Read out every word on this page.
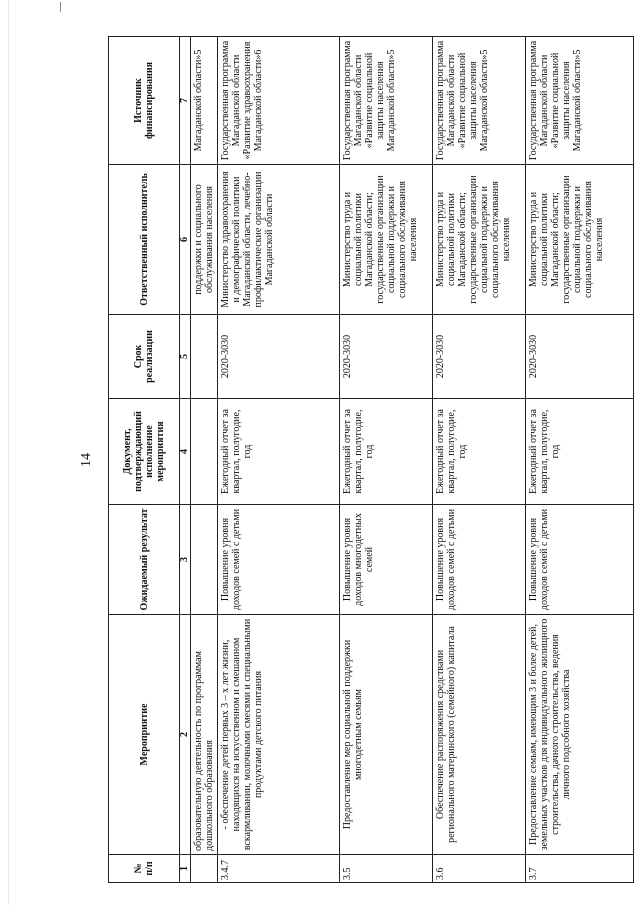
14
№ п/п	Мероприятие	Ожидаемый результат	Документ, подтверждающий исполнение мероприятия	Срок реализации	Ответственный исполнитель	Источник финансирования
1	2	3	4	5	6	7
	образовательную деятельность по программам дошкольного образования				поддержки и социального обслуживания населения	Магаданской области»5
3.4.7	- обеспечение детей первых 3 – х лет жизни, находящихся на искусственном и смешанном вскармливании, молочными смесями и специальными продуктами детского питания	Повышение уровня доходов семей с детьми	Ежегодный отчет за квартал, полугодие, год	2020-3030	Министерство здравоохранения и демографической политики Магаданской области, лечебно-профилактические организации Магаданской области	Государственная программа Магаданской области «Развитие здравоохранения Магаданской области»6
3.5	Предоставление мер социальной поддержки многодетным семьям	Повышение уровня доходов многодетных семей	Ежегодный отчет за квартал, полугодие, год	2020-3030	Министерство труда и социальной политики Магаданской области; государственные организации социальной поддержки и социального обслуживания населения	Государственная программа Магаданской области «Развитие социальной защиты населения Магаданской области»5
3.6	Обеспечение распоряжения средствами регионального материнского (семейного) капитала	Повышение уровня доходов семей с детьми	Ежегодный отчет за квартал, полугодие, год	2020-3030	Министерство труда и социальной политики Магаданской области; государственные организации социальной поддержки и социального обслуживания населения	Государственная программа Магаданской области «Развитие социальной защиты населения Магаданской области»5
3.7	Предоставление семьям, имеющим 3 и более детей, земельных участков для индивидуального жилищного строительства, дачного строительства, ведения личного подсобного хозяйства	Повышение уровня доходов семей с детьми	Ежегодный отчет за квартал, полугодие, год	2020-3030	Министерство труда и социальной политики Магаданской области; государственные организации социальной поддержки и социального обслуживания населения	Государственная программа Магаданской области «Развитие социальной защиты населения Магаданской области»5
